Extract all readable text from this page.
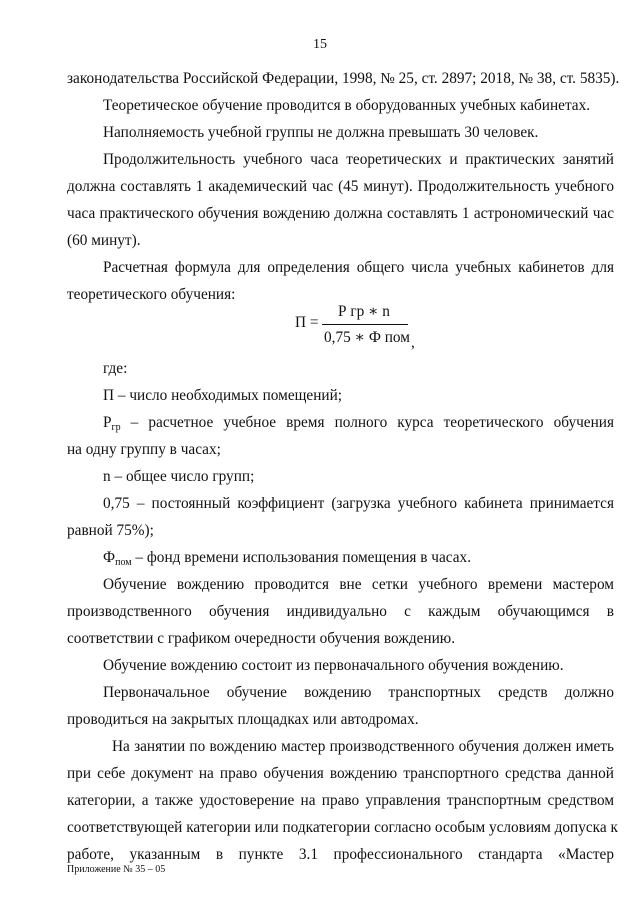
15
законодательства Российской Федерации, 1998, № 25, ст. 2897; 2018, № 38, ст. 5835).
Теоретическое обучение проводится в оборудованных учебных кабинетах.
Наполняемость учебной группы не должна превышать 30 человек.
Продолжительность учебного часа теоретических и практических занятий
должна составлять 1 академический час (45 минут). Продолжительность учебного
часа практического обучения вождению должна составлять 1 астрономический час
(60 минут).
Расчетная формула для определения общего числа учебных кабинетов для
теоретического обучения:
П =
Р гр ∗ n
0,75 ∗ Ф пом ,
где:
П – число необходимых помещений;
$Р_{гр}$ – расчетное учебное время полного курса теоретического обучения
на одну группу в часах;
n – общее число групп;
0,75 – постоянный коэффициент (загрузка учебного кабинета принимается
равной 75%);
$Ф_{пом}$ – фонд времени использования помещения в часах.
Обучение вождению проводится вне сетки учебного времени мастером
производственного обучения индивидуально с каждым обучающимся в
соответствии с графиком очередности обучения вождению.
Обучение вождению состоит из первоначального обучения вождению.
Первоначальное обучение вождению транспортных средств должно
проводиться на закрытых площадках или автодромах.
На занятии по вождению мастер производственного обучения должен иметь
при себе документ на право обучения вождению транспортного средства данной
категории, а также удостоверение на право управления транспортным средством
соответствующей категории или подкатегории согласно особым условиям допуска к
работе, указанным в пункте 3.1 профессионального стандарта «Мастер
Приложение № 35 – 05
